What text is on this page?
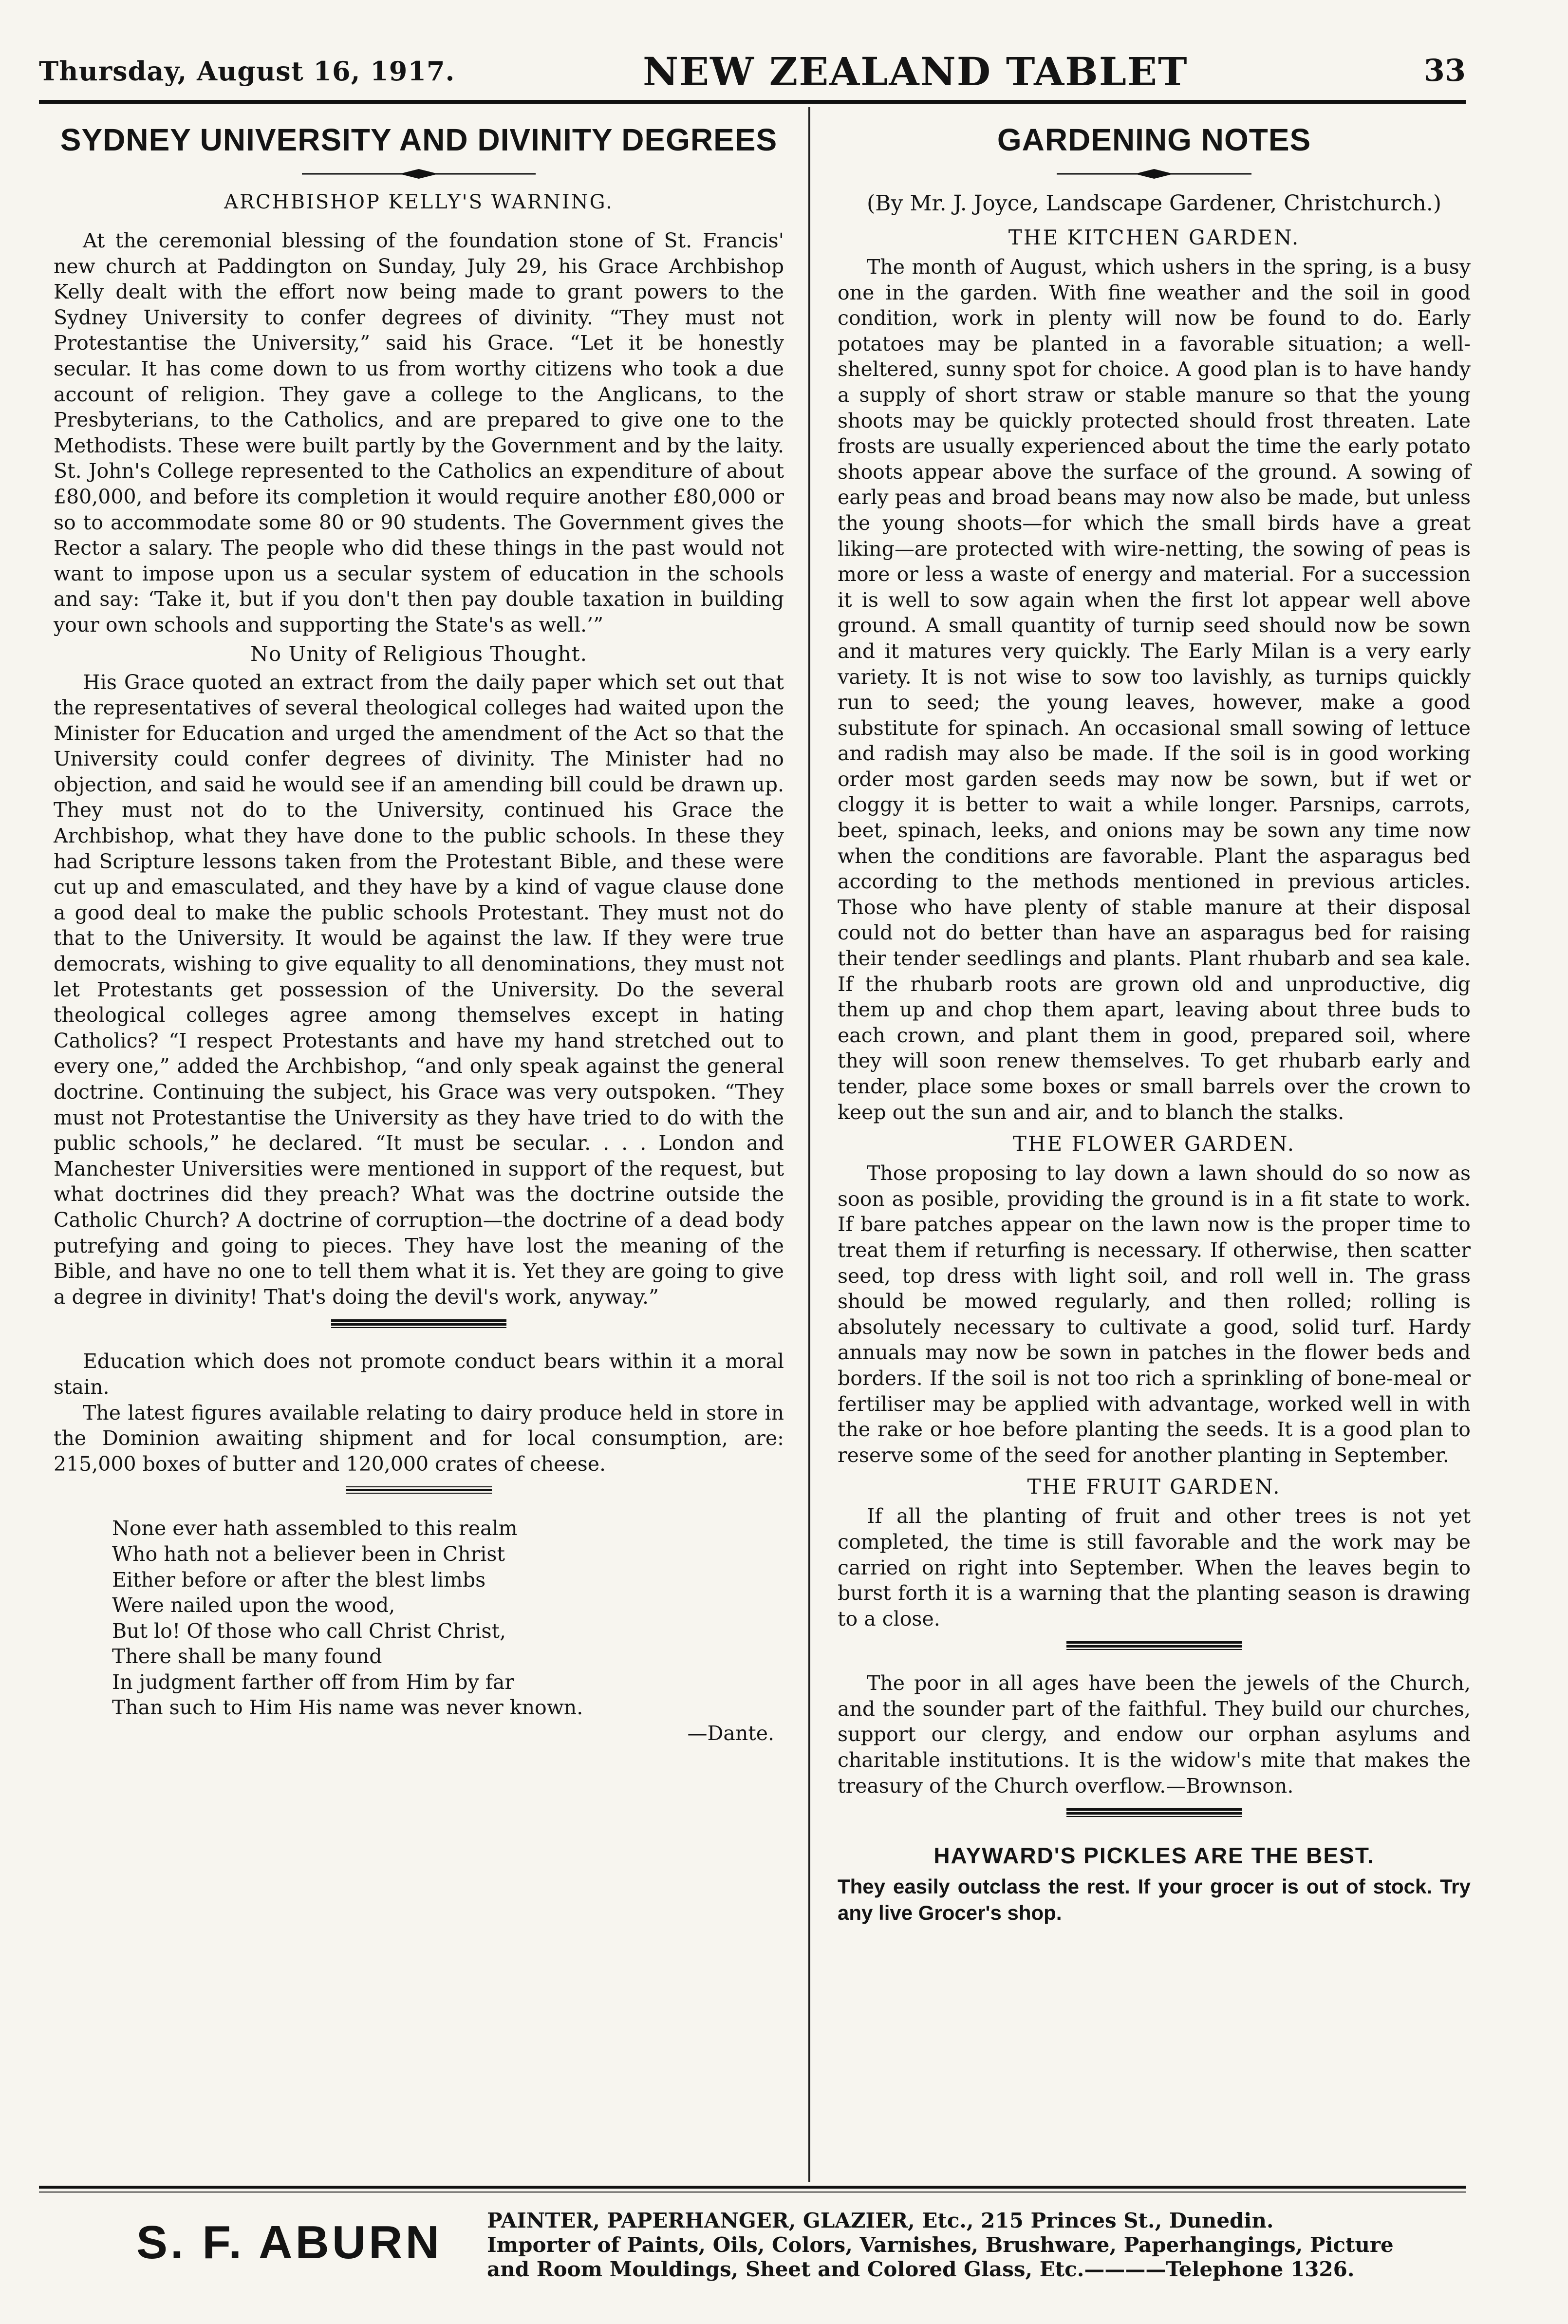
Thursday, August 16, 1917.	NEW ZEALAND TABLET	33
SYDNEY UNIVERSITY AND DIVINITY DEGREES
ARCHBISHOP KELLY'S WARNING.

At the ceremonial blessing of the foundation stone of St. Francis' new church at Paddington on Sunday, July 29, his Grace Archbishop Kelly dealt with the effort now being made to grant powers to the Sydney University to confer degrees of divinity. “They must not Protestantise the University,” said his Grace. “Let it be honestly secular. It has come down to us from worthy citizens who took a due account of religion. They gave a college to the Anglicans, to the Presbyterians, to the Catholics, and are prepared to give one to the Methodists. These were built partly by the Government and by the laity. St. John's College represented to the Catholics an expenditure of about £80,000, and before its completion it would require another £80,000 or so to accommodate some 80 or 90 students. The Government gives the Rector a salary. The people who did these things in the past would not want to impose upon us a secular system of education in the schools and say: ‘Take it, but if you don't then pay double taxation in building your own schools and supporting the State's as well.’”

No Unity of Religious Thought.

His Grace quoted an extract from the daily paper which set out that the representatives of several theological colleges had waited upon the Minister for Education and urged the amendment of the Act so that the University could confer degrees of divinity. The Minister had no objection, and said he would see if an amending bill could be drawn up. They must not do to the University, continued his Grace the Archbishop, what they have done to the public schools. In these they had Scripture lessons taken from the Protestant Bible, and these were cut up and emasculated, and they have by a kind of vague clause done a good deal to make the public schools Protestant. They must not do that to the University. It would be against the law. If they were true democrats, wishing to give equality to all denominations, they must not let Protestants get possession of the University. Do the several theological colleges agree among themselves except in hating Catholics? “I respect Protestants and have my hand stretched out to every one,” added the Archbishop, “and only speak against the general doctrine. Continuing the subject, his Grace was very outspoken. “They must not Protestantise the University as they have tried to do with the public schools,” he declared. “It must be secular. . . . London and Manchester Universities were mentioned in support of the request, but what doctrines did they preach? What was the doctrine outside the Catholic Church? A doctrine of corruption—the doctrine of a dead body putrefying and going to pieces. They have lost the meaning of the Bible, and have no one to tell them what it is. Yet they are going to give a degree in divinity! That's doing the devil's work, anyway.”

Education which does not promote conduct bears within it a moral stain.

The latest figures available relating to dairy produce held in store in the Dominion awaiting shipment and for local consumption, are: 215,000 boxes of butter and 120,000 crates of cheese.

None ever hath assembled to this realm
Who hath not a believer been in Christ
Either before or after the blest limbs
Were nailed upon the wood,
But lo! Of those who call Christ Christ,
There shall be many found
In judgment farther off from Him by far
Than such to Him His name was never known.
—Dante.
GARDENING NOTES
(By Mr. J. Joyce, Landscape Gardener, Christchurch.)
THE KITCHEN GARDEN.

The month of August, which ushers in the spring, is a busy one in the garden. With fine weather and the soil in good condition, work in plenty will now be found to do. Early potatoes may be planted in a favorable situation; a well-sheltered, sunny spot for choice. A good plan is to have handy a supply of short straw or stable manure so that the young shoots may be quickly protected should frost threaten. Late frosts are usually experienced about the time the early potato shoots appear above the surface of the ground. A sowing of early peas and broad beans may now also be made, but unless the young shoots—for which the small birds have a great liking—are protected with wire-netting, the sowing of peas is more or less a waste of energy and material. For a succession it is well to sow again when the first lot appear well above ground. A small quantity of turnip seed should now be sown and it matures very quickly. The Early Milan is a very early variety. It is not wise to sow too lavishly, as turnips quickly run to seed; the young leaves, however, make a good substitute for spinach. An occasional small sowing of lettuce and radish may also be made. If the soil is in good working order most garden seeds may now be sown, but if wet or cloggy it is better to wait a while longer. Parsnips, carrots, beet, spinach, leeks, and onions may be sown any time now when the conditions are favorable. Plant the asparagus bed according to the methods mentioned in previous articles. Those who have plenty of stable manure at their disposal could not do better than have an asparagus bed for raising their tender seedlings and plants. Plant rhubarb and sea kale. If the rhubarb roots are grown old and unproductive, dig them up and chop them apart, leaving about three buds to each crown, and plant them in good, prepared soil, where they will soon renew themselves. To get rhubarb early and tender, place some boxes or small barrels over the crown to keep out the sun and air, and to blanch the stalks.

THE FLOWER GARDEN.

Those proposing to lay down a lawn should do so now as soon as posible, providing the ground is in a fit state to work. If bare patches appear on the lawn now is the proper time to treat them if returfing is necessary. If otherwise, then scatter seed, top dress with light soil, and roll well in. The grass should be mowed regularly, and then rolled; rolling is absolutely necessary to cultivate a good, solid turf. Hardy annuals may now be sown in patches in the flower beds and borders. If the soil is not too rich a sprinkling of bone-meal or fertiliser may be applied with advantage, worked well in with the rake or hoe before planting the seeds. It is a good plan to reserve some of the seed for another planting in September.

THE FRUIT GARDEN.

If all the planting of fruit and other trees is not yet completed, the time is still favorable and the work may be carried on right into September. When the leaves begin to burst forth it is a warning that the planting season is drawing to a close.

The poor in all ages have been the jewels of the Church, and the sounder part of the faithful. They build our churches, support our clergy, and endow our orphan asylums and charitable institutions. It is the widow's mite that makes the treasury of the Church overflow.—Brownson.

HAYWARD'S PICKLES ARE THE BEST.
They easily outclass the rest. If your grocer is out of stock. Try any live Grocer's shop.
S. F. ABURN PAINTER, PAPERHANGER, GLAZIER, Etc., 215 Princes St., Dunedin.
Importer of Paints, Oils, Colors, Varnishes, Brushware, Paperhangings, Picture
and Room Mouldings, Sheet and Colored Glass, Etc.————Telephone 1326.
